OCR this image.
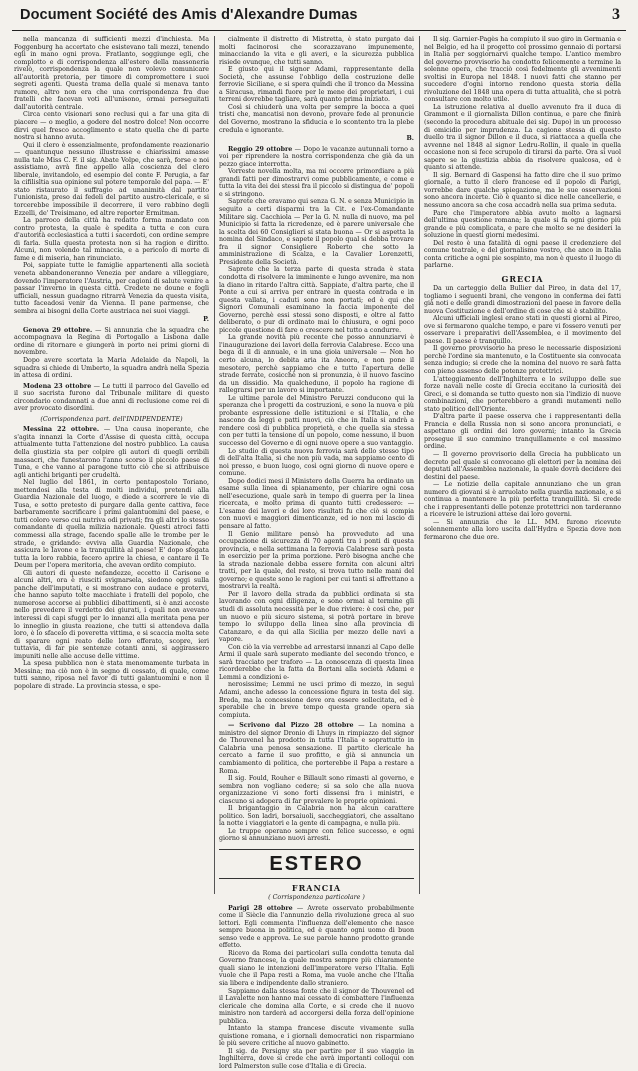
Document Société des Amis d'Alexandre Dumas	3

nella mancanza di sufficienti mezzi d'inchiesta. Ma Foggenburg ha accertato che esistevano tali mezzi, tenendo egli in mano ogni prova. Fratlanto, soggiunge egli, che complotto e di corrispondenza all'estero della massoneria rivelò, corrispondenza la quale non volevo comunicare all'autorità pretoria, per timore di compromettere i suoi segreti agenti. Questa trama della quale si menava tanto rumore, altro non era che una corrispondenza fra due fratelli che facevan voti all'unisono, ormai perseguitati dall'autorità centrale.

Circa cento visionari sono reclusi qui a far una gita di piacere — o meglio, a godere del nostro dolce! Non occorre dirvi quel fresco accoglimento e stato quella che di parte nostra si hanno avuta.

Qui il clero è essenzialmente, profondamente reazionario — quantunque nessuno illustrasse e chiarissimi amasse nulla tale Miss C. F. il sig. Abate Volpe, che sarà, forse e noi assistiamo, avrà fine appello alla coscienza del clero liberale, invitandolo, ed esempio del conte F. Perugia, a far la cifilisltia sua opinione sul potere temporale del papa. — E' stato ristaurato il suffragio ad unanimità dal partito l'unionista, preso dai fedeli del partito austro-clericale, e si torcerebbe impossibile il decorrere, il vero rabbino degli Ezzelli, de' Treisimano, ed altre reporter Ermitman.

La parroco della città ha redatto forma mandato con contro protesta, la quale è spedita a tutta e con cura d'autorità ecclesiastica a tutti i sacerdoti, con ordine sempre di farla. Sulla questa protesta non si ha ragion e diritto. Alcuni, non volendo tal minaccia, e a pericolo di morte di fame e di miseria, han rinunciato.

Poi, sappiate tutte le famiglie appartenenti alla società veneta abbandoneranno Venezia per andare a villeggiare, dovendo l'imperatore l'Austria, per cagioni di salute venire a passar l'inverno in questa città. Credete ne doune e fogli ufficiali, nessun guadagno ritrarrà Venezia da questa visita, tutto faceadosi venir da Vienna. Il pane parmense, che sembra ai bisogni della Corte austriaca nei suoi viaggi.

P.

Genova 29 ottobre. — Si annunzia che la squadra che accompagnava la Regina di Portogallo a Lisbona dalle ordine di ritornare e giungerà in porto nei primi giorni di novembre.

Dopo avere scortata la Maria Adelaide da Napoli, la squadra si chiede di Umberto, la squadra andrà nella Spezia in attesa di ordini.

Modena 23 ottobre — Le tutti il parroco del Gavello ed il suo sacrista furono dal Tribunale militare di questo circondario condannati a due anni di reclusione come rei di aver provocato disordini.

(Corrispondenza part. dell'INDIPENDENTE)

Messina 22 ottobre. — Una causa inoperante, che s'agita innanzi la Corte d'Assise di questa città, occupa attualmente tutta l'attenzione del nostro pubblico. La causa della giustizia sta per colpire gli autori di quegli orribili massacri, che funestarono l'anno scorso il piccolo paese di Tuna, e che vanno al paragone tutto ciò che si attribuisce agli antichi briganti per crudeltà.

Nel luglio del 1861, in certo pentapostolo Toriano, mettendosi alla testa di molti individui, pretendi alla Guardia Nazionale del luogo, e diede a scorrere le vie di Tusa, e sotto pretesto di purgare dalla gente cattiva, fece barbaramente sacrificare i primi galantuomini del paese, e tutti coloro verso cui nutriva odi privati; fra gli altri lo stesso comandante di quella milizia nazionale. Questi atroci fatti commessi alla strage, facendo spalle alle le trombe per le strade, e gridando: evviva alla Guardia Nazionale, che assicura le Iavone e la tranquillità al paese! E' dopo sfogata tutta la loro rabbia, fecero aprire la chiesa, e cantare il Te Deum per l'opera meritoria, che avevan ordito compiuto.

Gli autori di queste nefandezze, eccetto il Carisone e alcuni altri, ora è riusciti svignarsela, siedono oggi sulla panche dell'imputati, e si mostrano con audace e protervi, che hanno saputo tolte macchiate i fratelli del popolo, che numerose accorse ai pubblici dibattimenti, si è anzi accoste nello prevedere il verdetto dei giurati, i quali non avevano interessi di capi sfuggi per lo innanzi alla meritata pena per lo inneglio in giusta reazione, che tutti si attendeva dalla loro, è lo sfacelo di poveretta vittima, e si scaccia molta sete di sparare ogni reato delle loro efferato, scopre, ieri tuttavia, di far pie sentenze cotanti anni, si aggirassero impuniti nelle alie accuse delle vittime.

La spesa pubblica non è stata menomamente turbata in Messina; ma ciò non è in segno di cessato, di quale, come tutti sanno, riposa nel favor di tutti galantuomini e non il popolare di strade. La provincia stessa, e spe-

cialmente il distretto di Mistretta, è stato purgato dai molti facinorosi che scorazzavano impunemente, minacciando la vita e gli averi, e la sicurezza pubblica risiede ovunque, che tutti sanno.

E giusto qui il signor Adami, rappresentante della Società, che assunse l'obbligo della costruzione delle ferrovie Siciliane, e si spera quindi che il tronco da Messina a Siracusa, rimandi fuore per le mene dei proprietari, i cui terreni dovrebbe tagliare, sarà quanto prima iniziato.

Così si chiuderà una volta per sempre la bocca a quei tristi che, mancatisi non devono, provare fede al pronuncie del Governo, mostrano la sfiducia e lo scontento tra la plebe credula e ignorante.

B.

Reggio 29 ottobre — Dopo le vacanze autunnali torno a voi per riprendere la nostra corrispondenza che già da un pezzo giace interrotta.

Vorreste novella molta, ma mi occorre primordiare a più grandi fatti per dimostrarvi come pubblicamente, e come e tutta la vita dei dei stessi fra il piccolo si distingua de' popoli e si stringono.

Saprete che eravamo qui senza G. N. e senza Municipio in seguito a certi disparmi tra la Cit. e l'ex-Comandante Militare sig. Cacchiola — Per la G. N. nulla di nuovo, ma pel Municipio si fatta la ricredenze, ed è parere universale che la scelta dei 60 Consiglieri si stata buona — Or si aspetta la nomina del Sindaco, e sapete il popolo qual si debba trovare fra il signor Consigliere Roberto che sotto la amministrazione di Scalza, e la Cavalier Lorenzetti, Presidente della Società.

Saprete che la terza parte di questa strada è stata condotta di risolvere la imminente e lungo avvenire, ma non la diano in ritardo l'altra città. Sappiate, d'altra parte, che il Ponte a cui si arriva per entrare in questa contrada e in questa vallata, i caduti sono non portati; ed è qui che Signori Comunali esaminano la faccia imponente del Governo, perchè essi stessi sono disposti, e oltre al fatto deliberato, o pur di ordinato mai lo chiusura, e ogni poco piccole questione di fare o crescere nel tutto a condurre.

La grande novità più recente che posso annunziarvi è l'inaugurazione dei lavori della ferrovia Calabrese. Ecco una bega di il di annuale, e in una gioia universale — Non ho certo alcuna, lo debita aria ita Aneora, e non pone il mesotero, perchè sappiamo che e tutto l'apertura delle strade ferrate, cosicchè non si pronunzia, è il nuovo fascino da un dissidio. Ma qualcheduno, il popolo ha ragione di rallegrarsi per un lavoro si importante.

Le ultime parole del Ministro Peruzzi conducono qui la speranza che i progetti da costruzioni, e sono la nuova e più probante espressione delle istituzioni e si l'Italia, e che nascono da leggi e patti nuovi, ciò che in Italia si andrà a rendere così di pubblica proprietà, e che quella sia stessa con per tutti la tensione di un popolo, come nessuno, il buon successo del Governo e di ogni nuove opere a suo vantaggio.

Lo studio di questa nuova ferrovia sarà dello stesso tipo di dell'alta Italia, si che non più vada, ma sappiamo cento di noi presso, e buon luogo, così ogni giorno di nuove opere e comune.

Dopo dodici mesi il Ministero della Guerra ha ordinato un esame sulla linea di spianamento, per chiarire ogni cosa nell'esecuzione, quale sarà in tempo di guerra per la linea ricercata, e molto prima di quanto tutti credessero: — L'esame dei lavori e dei loro risultati fu che ciò si compia con nuovi e maggiori dimenticanze, ed io non mi lascio di pensare al fatto.

Il Genio militare pensò ha provveduto ad una occupazione di sicurezza di 70 agenti tra i ponti di questa provincia, e nella settimana la ferrovia Calabrese sarà posta in esercizio per la prima porzione. Però bisogna anche che la strada nazionale debba essere fornita con alcuni altri tratti, per la quale, del resto, si trova tutto nelle mani del governo; e queste sono le ragioni per cui tanti si affrettano a mostrarvi la realtà.

Per il lavoro della strada da pubblici ordinata si sta lavorando con ogni diligenza, e sono ormai al termine gli studi di assoluta necessità per le due riviere: è così che, per un nuovo e più sicuro sistema, si potrà portare in breve tempo lo sviluppo della linea sino alla provincia di Catanzaro, e da qui alla Sicilia per mezzo delle navi a vapore.

Con ciò la via verrebbe ad arrestarsi innanzi al Capo delle Armi il quale sarà superato mediante del secondo tronco, e sarà tracciato per traforo — La conoscenza di questa linea ricorderebbe che la fatta da Bortani alla società Adami e Lemmi a condizioni e-

nerosissime; Lemmi ne usci primo di mezzo, in seguì Adami, anche adesso la concessione figura in testa del sig. Breda, ma la concessione deve ora essere sollecitata, ed è sperabile che in breve tempo questa grande opera sia compiuta.

— Scrivono dal Pizzo 28 ottobre — La nomina a ministro del signor Dronio di Lhuys in rimpiazzo del signor de Thouvenel ha prodotto in tutta l'Italia e soprattutto in Calabria una penosa sensazione. Il partito clericale ha cercato a farne il suo profitto, e già si annuncia un cambiamento di politica, che porterebbe il Papa a restare a Roma.

Il sig. Fould, Rouher e Billault sono rimasti al governo, e sembra non vogliano cedere; si sa solo che alla nuova organizzazione vi sono forti dissensi fra i ministri, e ciascuno si adopera di far prevalere le proprie opinioni.

Il brigantaggio in Calabria non ha alcun carattere politico. Son ladri, borsaiuoli, saccheggiatori, che assaltano la notte i viaggiatori e la gente di campagna, e nulla più.

Le truppe operano sempre con felice successo, e ogni giorno si annunziano nuovi arresti.

ESTERO
FRANCIA
( Corrispondenza particolare )

Parigi 28 ottobre — Avrete osservato probabilmente come il Siècle dia l'annunzio della rivoluzione greca al suo lettori. Egli commenta l'influenza dell'elemento che nasce sempre buona in politica, ed è quanto ogni uomo di buon senso vede e approva. Le sue parole hanno prodotto grande effetto.

Ricevo da Roma dei particolari sulla condotta tenuta dal Governo francese, la quale mostra sempre più chiaramente quali siano le intenzioni dell'imperatore verso l'Italia. Egli vuole che il Papa resti a Roma, ma vuole anche che l'Italia sia libera e indipendente dallo straniero.

Sappiamo dalla stessa fonte che il signor de Thouvenel ed il Lavalette non hanno mai cessato di combattere l'influenza clericale che domina alla Corte, e si crede che il nuovo ministro non tarderà ad accorgersi della forza dell'opinione pubblica.

Intanto la stampa francese discute vivamente sulla quistione romana, e i giornali democratici non risparmiano le più severe critiche al nuovo gabinetto.

Il sig. de Persigny sta per partire per il suo viaggio in Inghilterra, dove si crede che avrà importanti colloqui con lord Palmerston sulle cose d'Italia e di Grecia.

Il sig. Garnier-Pagès ha compiuto il suo giro in Germania e nel Belgio, ed ha il progetto col prossimo gennaio di portarsi in Italia per soggiornarvi qualche tempo. L'antico membro del governo provvisorio ha condotto felicemente a termine la solenne opera, che tracciò così fedelmente gli avvenimenti svoltisi in Europa nel 1848. I nuovi fatti che stanno per succedere d'ogni intorno rendono questa storia della rivoluzione del 1848 una opera di tutta attualità, che si potrà consultare con molto utile.

La istruzione relativa al duello avvenuto fra il duca di Grammont e il giornalista Dillon continua, e pare che finirà (secondo la procedura abituale dei sig. Dupo) in un processo di omicidio per imprudenza. La cagione stessa di questo duello tra il signor Dillon e il duca, si riattacca a quella che avvenne nel 1848 al signor Ledru-Rollin, il quale in quella occasione non si fece scrupolo di tirarsi da parte. Ora si vuol sapere se la giustizia abbia da risolvere qualcosa, ed è quanto si attende.

Il sig. Bernard di Gaspensi ha fatto dire che il suo primo giornale, a tutto il clero francese ed il popolo di Parigi, vorrebbe dare qualche spiegazione, ma le sue osservazioni sono ancora incerte. Ciò è quanto si dice nelle cancellerie, e nessuno ancora sa che cosa accadrà nella sua prima seduta.

Pare che l'imperatore abbia avuto molto a lagnarsi dell'ultima questione romana; la quale si fa ogni giorno più grande e più complicata, e pare che molto se ne desideri la soluzione in questi giorni medesimi.

Del resto è una fatalità di ogni paese il credenziere del comune teatrale, e del giornalismo vostro, che anco in Italia conta critiche a ogni pie sospinto, ma non è questo il luogo di parlarne.

GRECIA

Da un carteggio della Bullier dal Pireo, in data del 17, togliamo i seguenti brani, che vengono in conferma dei fatti già noti e delle grandi dimostrazioni del paese in favore della nuova Costituzione e dell'ordine di cose che si è stabilito.

Alcuni ufficiali inglesi erano stati in questi giorni al Pireo, ove si fermarono qualche tempo, e pare vi fossero venuti per osservare i preparativi dell'Assemblea, e il movimento del paese. Il paese è tranquillo.

Il governo provvisorio ha preso le necessarie disposizioni perchè l'ordine sia mantenuto, e la Costituente sia convocata senza indugio; si crede che la nomina del nuovo re sarà fatta con pieno assenso delle potenze protettrici.

L'atteggiamento dell'Inghilterra e lo sviluppo delle sue forze navali nelle coste di Grecia eccitano la curiosità dei Greci, e si domanda se tutto questo non sia l'indizio di nuove combinazioni, che porterebbero a grandi mutamenti nello stato politico dell'Oriente.

D'altra parte il paese osserva che i rappresentanti della Francia e della Russia non si sono ancora pronunciati, e aspettano gli ordini dei loro governi; intanto la Grecia prosegue il suo cammino tranquillamente e col massimo ordine.

— Il governo provvisorio della Grecia ha pubblicato un decreto pel quale si convocano gli elettori per la nomina dei deputati all'Assemblea nazionale, la quale dovrà decidere dei destini del paese.

— Le notizie della capitale annunziano che un gran numero di giovani si è arruolato nella guardia nazionale, e si continua a mantenere la più perfetta tranquillità. Si crede che i rappresentanti delle potenze protettrici non tarderanno a ricevere le istruzioni attese dai loro governi.

— Si annunzia che le LL. MM. furono ricevute solennemente alla loro uscita dall'Hydra e Spezia dove non fermarono che due ore.
